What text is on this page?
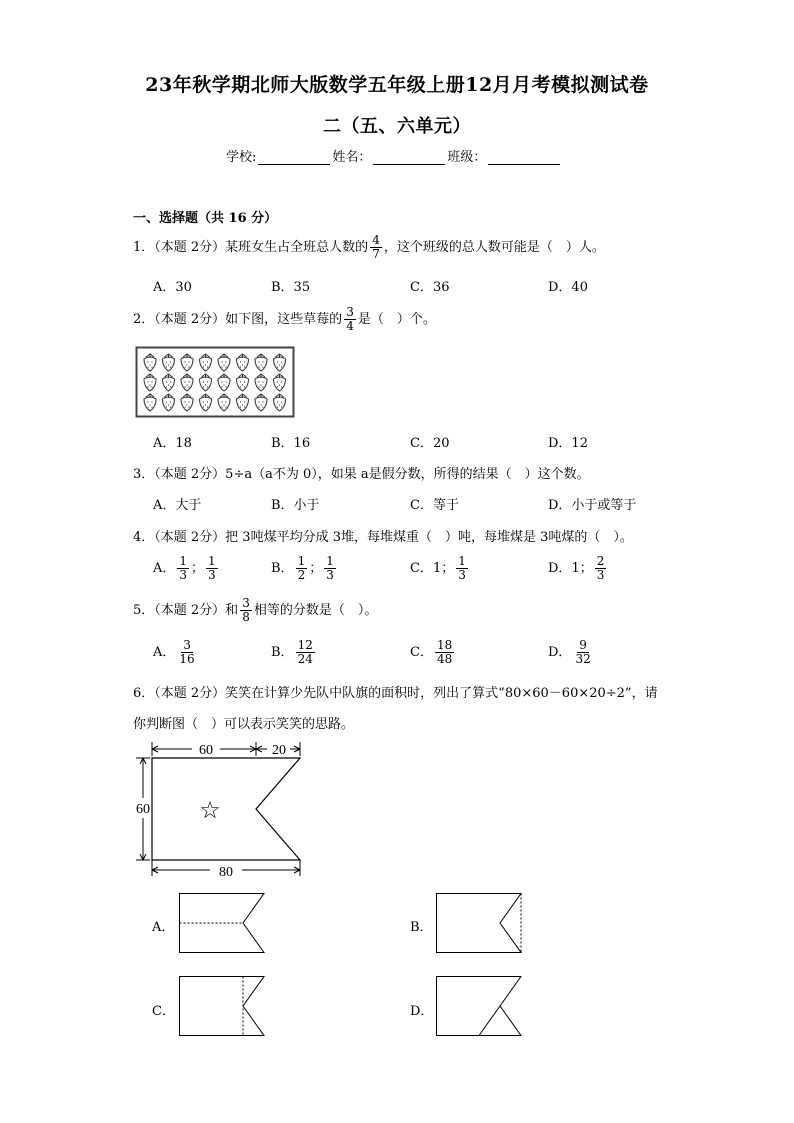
23年秋学期北师大版数学五年级上册12月月考模拟测试卷
二（五、六单元）
学校:	姓名：	班级：
一、选择题（共 16 分）
1．（本题 2分）某班女生占全班总人数的 $\frac{4}{7}$ ，这个班级的总人数可能是（　）人。
A．30	B．35	C．36	D．40
2．（本题 2分）如下图，这些草莓的 $\frac{3}{4}$ 是（　）个。
A．18	B．16	C．20	D．12
3．（本题 2分）5÷a（a不为 0），如果 a是假分数，所得的结果（　）这个数。
A．大于	B．小于	C．等于	D．小于或等于
4．（本题 2分）把 3吨煤平均分成 3堆，每堆煤重（　）吨，每堆煤是 3吨煤的（　）。
A． $\frac{1}{3}$ ； $\frac{1}{3}$	B． $\frac{1}{2}$ ； $\frac{1}{3}$	C．1； $\frac{1}{3}$	D．1； $\frac{2}{3}$
5．（本题 2分）和 $\frac{3}{8}$ 相等的分数是（　）。
A． $\frac{3}{16}$	B． $\frac{12}{24}$	C． $\frac{18}{48}$	D． $\frac{9}{32}$
6．（本题 2分）笑笑在计算少先队中队旗的面积时，列出了算式“80×60－60×20÷2”，请
你判断图（　）可以表示笑笑的思路。
60	20
60 ☆
80
A．	B．
C．	D．
